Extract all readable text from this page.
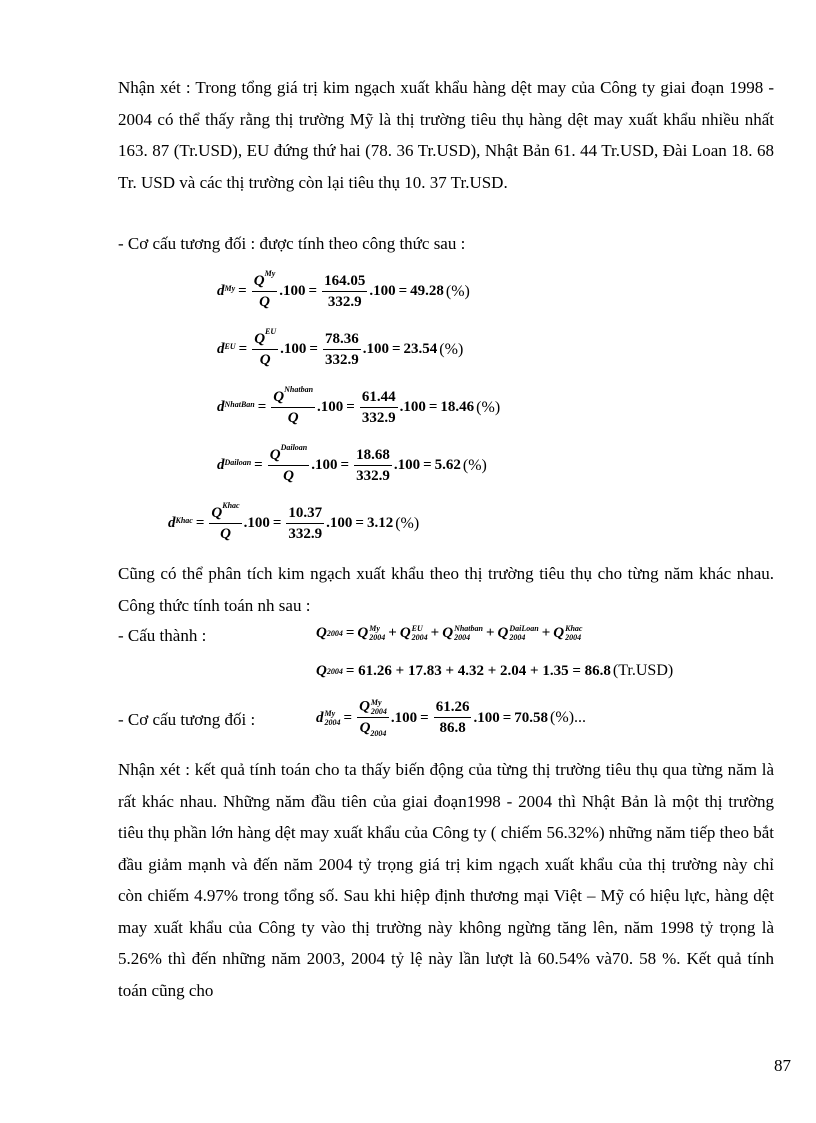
Nhận xét : Trong tổng giá trị kim ngạch xuất khẩu hàng dệt may của Công ty giai đoạn 1998 - 2004 có thể thấy rằng thị trường Mỹ là thị trường tiêu thụ hàng dệt may xuất khẩu nhiều nhất 163. 87 (Tr.USD), EU đứng thứ hai (78. 36 Tr.USD), Nhật Bản 61. 44 Tr.USD, Đài Loan 18. 68 Tr. USD và các thị trường còn lại tiêu thụ 10. 37 Tr.USD.
- Cơ cấu tương đối : được tính theo công thức sau :
$d^{My} = \frac{Q^{My}}{Q} .100 = \frac{164.05}{332.9} .100 = 49.28$ (%)
$d^{EU} = \frac{Q^{EU}}{Q} .100 = \frac{78.36}{332.9} .100 = 23.54$ (%)
$d^{NhatBan} = \frac{Q^{Nhatban}}{Q} .100 = \frac{61.44}{332.9} .100 = 18.46$ (%)
$d^{Dailoan} = \frac{Q^{Dailoan}}{Q} .100 = \frac{18.68}{332.9} .100 = 5.62$ (%)
$d^{Khac} = \frac{Q^{Khac}}{Q} .100 = \frac{10.37}{332.9} .100 = 3.12$ (%)
Cũng có thể phân tích kim ngạch xuất khẩu theo thị trường tiêu thụ cho từng năm khác nhau. Công thức tính toán nh sau :
- Cấu thành :	Q 2004 = Q My
2004 + Q EU
2004 + Q Nhatban
2004	+ Q DaiLoan
2004	+ Q Khac
2004
Q 2004 = 61.26 + 17.83 + 4.32 + 2.04 + 1.35 = 86.8 (Tr.USD)
- Cơ cấu tương đối :	d My
2004 = Q My
2004
$Q_{2004}$ $.100 = \frac{61.26}{86.8} .100 = 70.58$ (%)...
Nhận xét : kết quả tính toán cho ta thấy biến động của từng thị trường tiêu thụ qua từng năm là rất khác nhau. Những năm đầu tiên của giai đoạn1998 - 2004 thì Nhật Bản là một thị trường tiêu thụ phần lớn hàng dệt may xuất khẩu của Công ty ( chiếm 56.32%) những năm tiếp theo bắt đầu giảm mạnh và đến năm 2004 tỷ trọng giá trị kim ngạch xuất khẩu của thị trường này chỉ còn chiếm 4.97% trong tổng số. Sau khi hiệp định thương mại Việt – Mỹ có hiệu lực, hàng dệt may xuất khẩu của Công ty vào thị trường này không ngừng tăng lên, năm 1998 tỷ trọng là 5.26% thì đến những năm 2003, 2004 tỷ lệ này lần lượt là 60.54% và70. 58 %. Kết quả tính toán cũng cho
87
